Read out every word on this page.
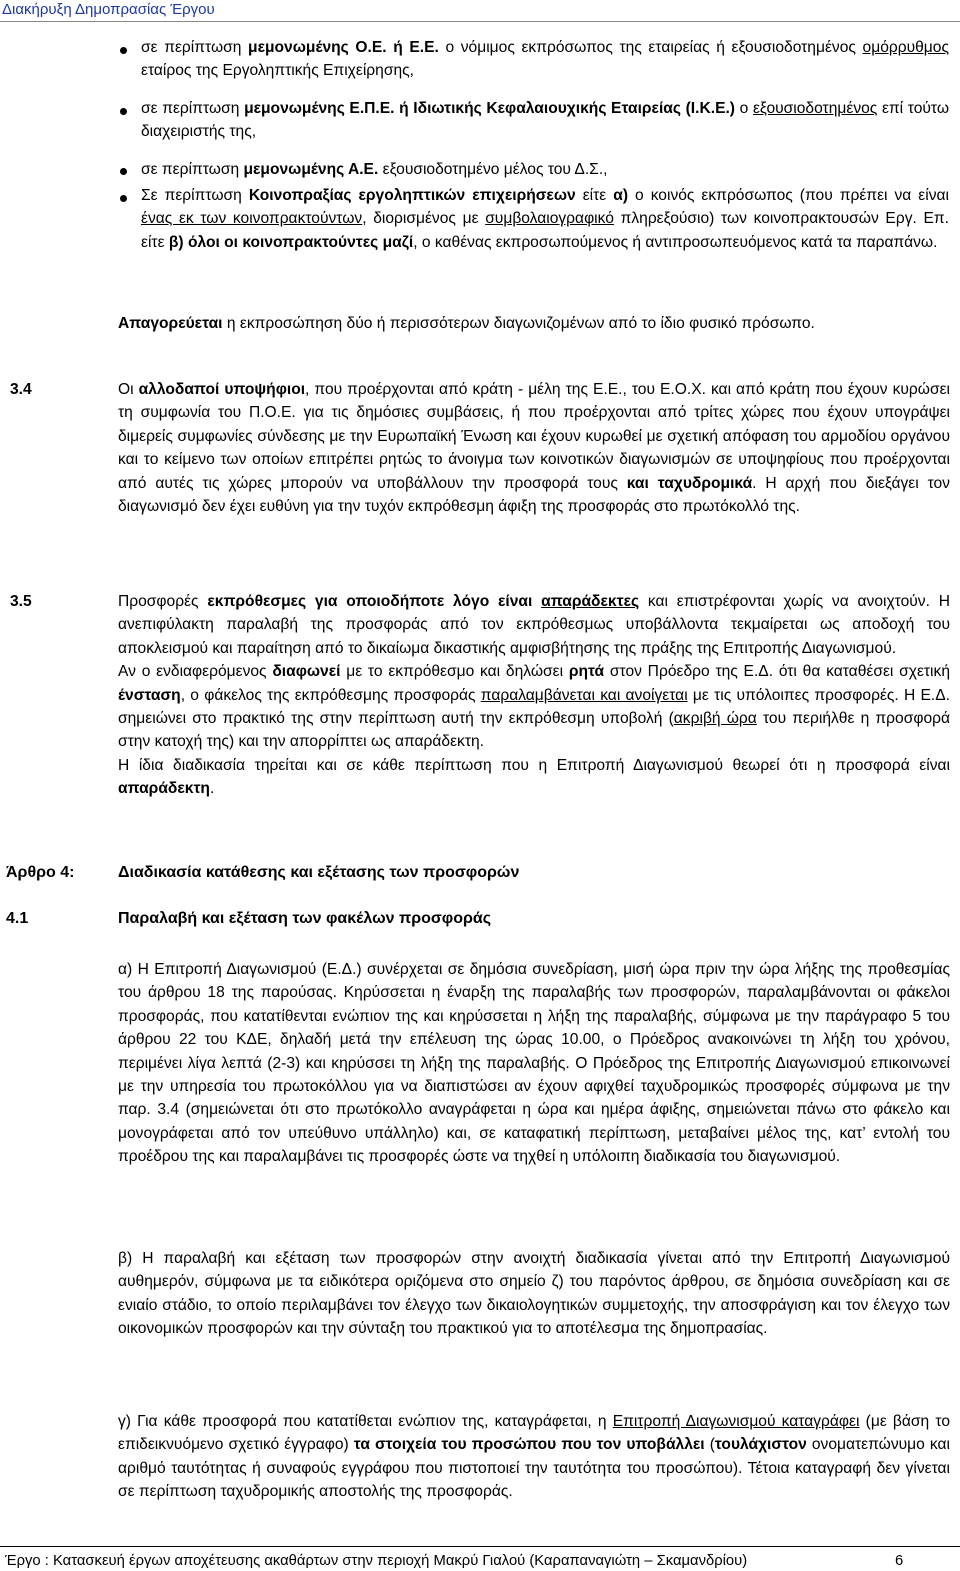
Διακήρυξη Δημοπρασίας Έργου
σε περίπτωση μεμονωμένης Ο.Ε. ή Ε.Ε. ο νόμιμος εκπρόσωπος της εταιρείας ή εξουσιοδοτημένος ομόρρυθμος εταίρος της Εργοληπτικής Επιχείρησης,
σε περίπτωση μεμονωμένης Ε.Π.Ε. ή Ιδιωτικής Κεφαλαιουχικής Εταιρείας (Ι.Κ.Ε.) ο εξουσιοδοτημένος επί τούτω διαχειριστής της,
σε περίπτωση μεμονωμένης Α.Ε. εξουσιοδοτημένο μέλος του Δ.Σ.,
Σε περίπτωση Κοινοπραξίας εργοληπτικών επιχειρήσεων είτε α) ο κοινός εκπρόσωπος (που πρέπει να είναι ένας εκ των κοινοπρακτούντων, διορισμένος με συμβολαιογραφικό πληρεξούσιο) των κοινοπρακτουσών Εργ. Επ. είτε β) όλοι οι κοινοπρακτούντες μαζί, ο καθένας εκπροσωπούμενος ή αντιπροσωπευόμενος κατά τα παραπάνω.
Απαγορεύεται η εκπροσώπηση δύο ή περισσότερων διαγωνιζομένων από το ίδιο φυσικό πρόσωπο.
3.4	Οι αλλοδαποί υποψήφιοι, που προέρχονται από κράτη - μέλη της Ε.Ε., του Ε.Ο.Χ. και από κράτη που έχουν κυρώσει τη συμφωνία του Π.Ο.Ε. για τις δημόσιες συμβάσεις, ή που προέρχονται από τρίτες χώρες που έχουν υπογράψει διμερείς συμφωνίες σύνδεσης με την Ευρωπαϊκή Ένωση και έχουν κυρωθεί με σχετική απόφαση του αρμοδίου οργάνου και το κείμενο των οποίων επιτρέπει ρητώς το άνοιγμα των κοινοτικών διαγωνισμών σε υποψηφίους που προέρχονται από αυτές τις χώρες μπορούν να υποβάλλουν την προσφορά τους και ταχυδρομικά. Η αρχή που διεξάγει τον διαγωνισμό δεν έχει ευθύνη για την τυχόν εκπρόθεσμη άφιξη της προσφοράς στο πρωτόκολλό της.
3.5	Προσφορές εκπρόθεσμες για οποιοδήποτε λόγο είναι απαράδεκτες και επιστρέφονται χωρίς να ανοιχτούν. Η ανεπιφύλακτη παραλαβή της προσφοράς από τον εκπρόθεσμως υποβάλλοντα τεκμαίρεται ως αποδοχή του αποκλεισμού και παραίτηση από το δικαίωμα δικαστικής αμφισβήτησης της πράξης της Επιτροπής Διαγωνισμού.
Αν ο ενδιαφερόμενος διαφωνεί με το εκπρόθεσμο και δηλώσει ρητά στον Πρόεδρο της Ε.Δ. ότι θα καταθέσει σχετική ένσταση, ο φάκελος της εκπρόθεσμης προσφοράς παραλαμβάνεται και ανοίγεται με τις υπόλοιπες προσφορές. Η Ε.Δ. σημειώνει στο πρακτικό της στην περίπτωση αυτή την εκπρόθεσμη υποβολή (ακριβή ώρα του περιήλθε η προσφορά στην κατοχή της) και την απορρίπτει ως απαράδεκτη.
Η ίδια διαδικασία τηρείται και σε κάθε περίπτωση που η Επιτροπή Διαγωνισμού θεωρεί ότι η προσφορά είναι απαράδεκτη.
Άρθρο 4:	Διαδικασία κατάθεσης και εξέτασης των προσφορών
4.1	Παραλαβή και εξέταση των φακέλων προσφοράς
α) Η Επιτροπή Διαγωνισμού (Ε.Δ.) συνέρχεται σε δημόσια συνεδρίαση, μισή ώρα πριν την ώρα λήξης της προθεσμίας του άρθρου 18 της παρούσας. Κηρύσσεται η έναρξη της παραλαβής των προσφορών, παραλαμβάνονται οι φάκελοι προσφοράς, που κατατίθενται ενώπιον της και κηρύσσεται η λήξη της παραλαβής, σύμφωνα με την παράγραφο 5 του άρθρου 22 του ΚΔΕ, δηλαδή μετά την επέλευση της ώρας 10.00, ο Πρόεδρος ανακοινώνει τη λήξη του χρόνου, περιμένει λίγα λεπτά (2-3) και κηρύσσει τη λήξη της παραλαβής. Ο Πρόεδρος της Επιτροπής Διαγωνισμού επικοινωνεί με την υπηρεσία του πρωτοκόλλου για να διαπιστώσει αν έχουν αφιχθεί ταχυδρομικώς προσφορές σύμφωνα με την παρ. 3.4 (σημειώνεται ότι στο πρωτόκολλο αναγράφεται η ώρα και ημέρα άφιξης, σημειώνεται πάνω στο φάκελο και μονογράφεται από τον υπεύθυνο υπάλληλο) και, σε καταφατική περίπτωση, μεταβαίνει μέλος της, κατ’ εντολή του προέδρου της και παραλαμβάνει τις προσφορές ώστε να τηχθεί η υπόλοιπη διαδικασία του διαγωνισμού.
β) Η παραλαβή και εξέταση των προσφορών στην ανοιχτή διαδικασία γίνεται από την Επιτροπή Διαγωνισμού αυθημερόν, σύμφωνα με τα ειδικότερα οριζόμενα στο σημείο ζ) του παρόντος άρθρου, σε δημόσια συνεδρίαση και σε ενιαίο στάδιο, το οποίο περιλαμβάνει τον έλεγχο των δικαιολογητικών συμμετοχής, την αποσφράγιση και τον έλεγχο των οικονομικών προσφορών και την σύνταξη του πρακτικού για το αποτέλεσμα της δημοπρασίας.
γ) Για κάθε προσφορά που κατατίθεται ενώπιον της, καταγράφεται, η Επιτροπή Διαγωνισμού καταγράφει (με βάση το επιδεικνυόμενο σχετικό έγγραφο) τα στοιχεία του προσώπου που τον υποβάλλει (τουλάχιστον ονοματεπώνυμο και αριθμό ταυτότητας ή συναφούς εγγράφου που πιστοποιεί την ταυτότητα του προσώπου). Τέτοια καταγραφή δεν γίνεται σε περίπτωση ταχυδρομικής αποστολής της προσφοράς.
Έργο : Κατασκευή έργων αποχέτευσης ακαθάρτων στην περιοχή Μακρύ Γιαλού (Καραπαναγιώτη – Σκαμανδρίου)	6
